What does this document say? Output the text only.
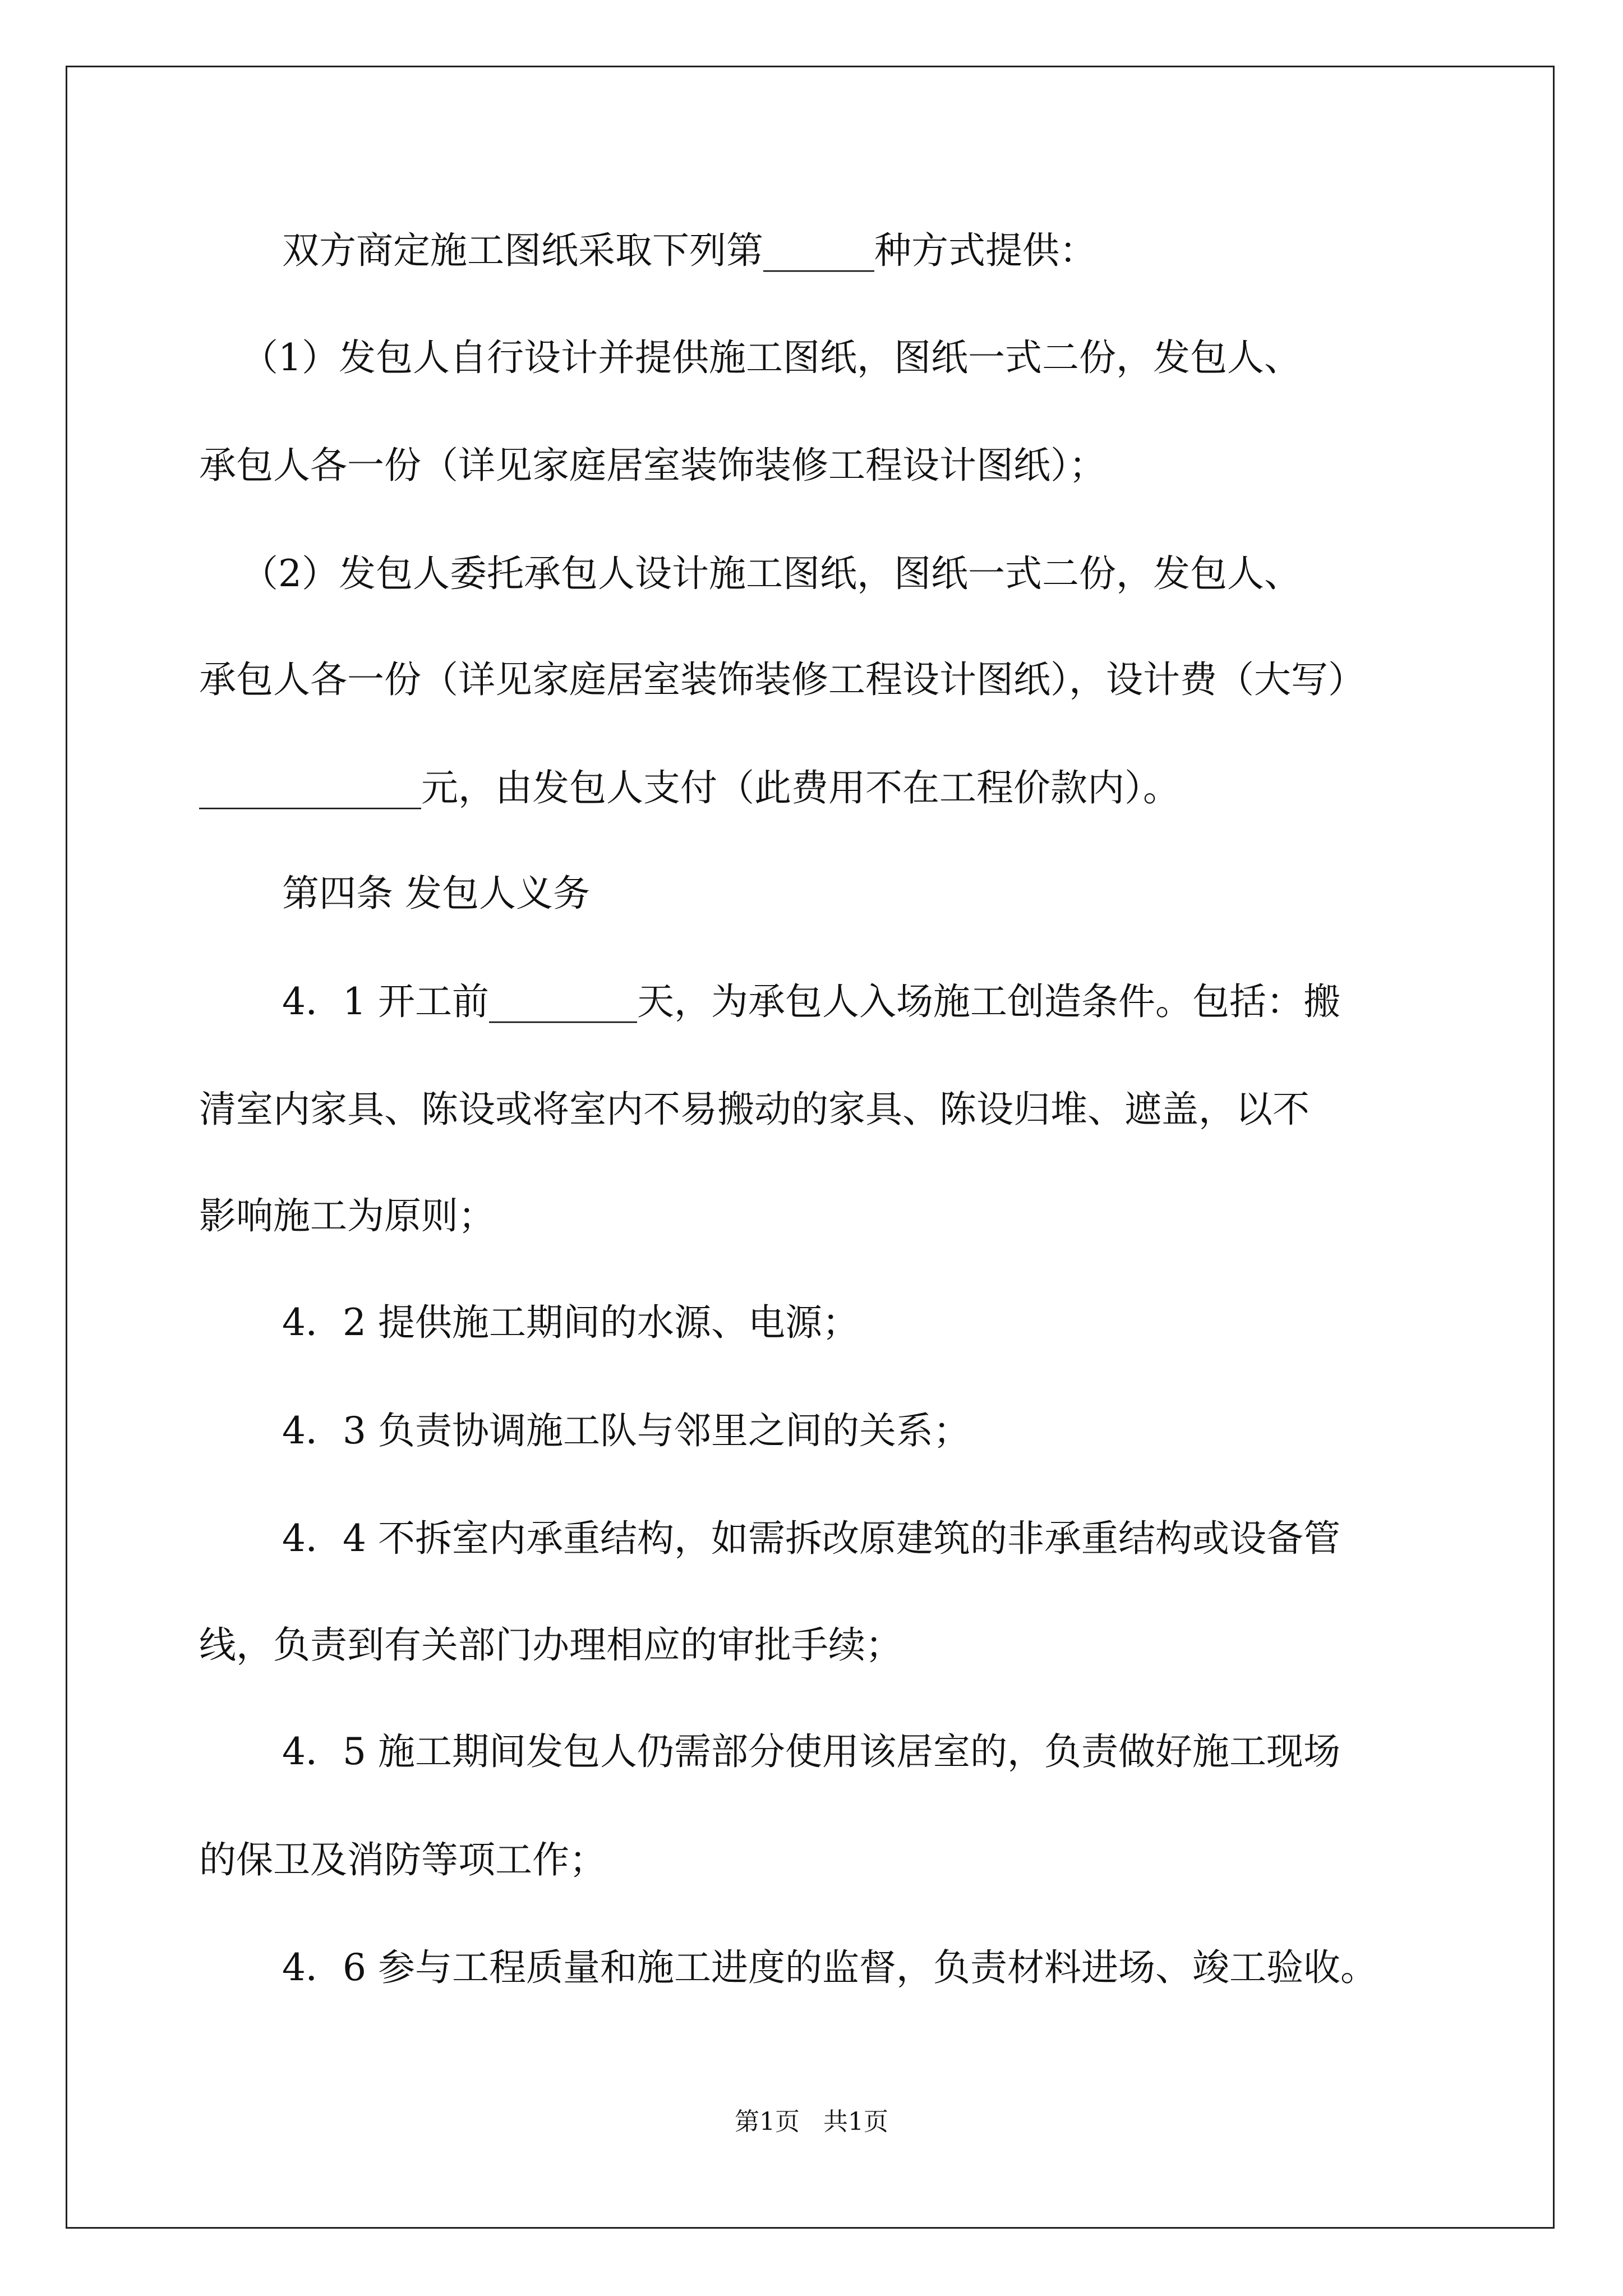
双方商定施工图纸采取下列第______种方式提供：

（1）发包人自行设计并提供施工图纸，图纸一式二份，发包人、

承包人各一份（详见家庭居室装饰装修工程设计图纸）；

（2）发包人委托承包人设计施工图纸，图纸一式二份，发包人、

承包人各一份（详见家庭居室装饰装修工程设计图纸），设计费（大写）

____________元，由发包人支付（此费用不在工程价款内）。

第四条 发包人义务

4．1 开工前________天，为承包人入场施工创造条件。包括：搬

清室内家具、陈设或将室内不易搬动的家具、陈设归堆、遮盖，以不

影响施工为原则；

4．2 提供施工期间的水源、电源；

4．3 负责协调施工队与邻里之间的关系；

4．4 不拆室内承重结构，如需拆改原建筑的非承重结构或设备管

线，负责到有关部门办理相应的审批手续；

4．5 施工期间发包人仍需部分使用该居室的，负责做好施工现场

的保卫及消防等项工作；

4．6 参与工程质量和施工进度的监督，负责材料进场、竣工验收。

第1页   共1页
